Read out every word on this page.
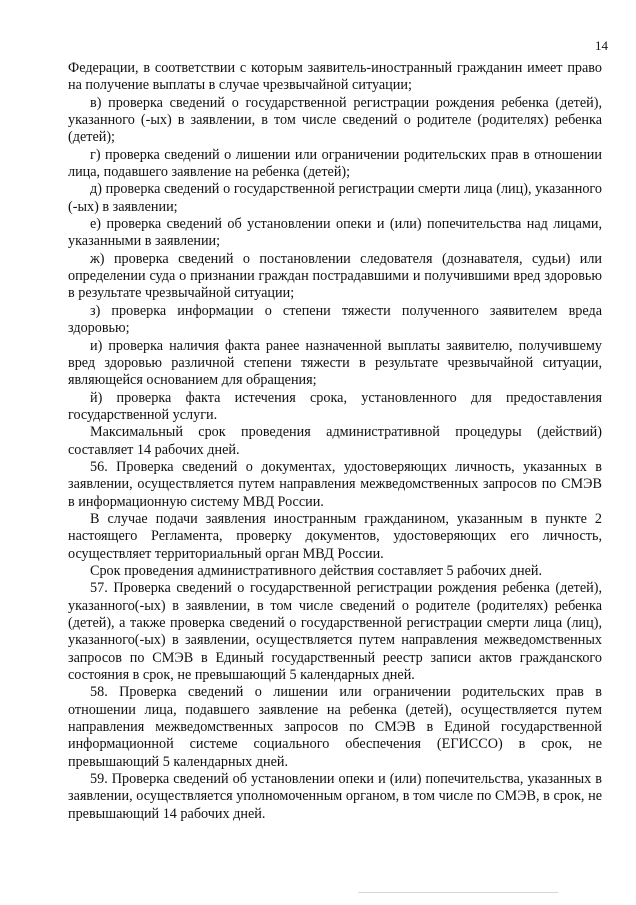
14

Федерации, в соответствии с которым заявитель-иностранный гражданин имеет право на получение выплаты в случае чрезвычайной ситуации;

в) проверка сведений о государственной регистрации рождения ребенка (детей), указанного (-ых) в заявлении, в том числе сведений о родителе (родителях) ребенка (детей);

г) проверка сведений о лишении или ограничении родительских прав в отношении лица, подавшего заявление на ребенка (детей);

д) проверка сведений о государственной регистрации смерти лица (лиц), указанного (-ых) в заявлении;

е) проверка сведений об установлении опеки и (или) попечительства над лицами, указанными в заявлении;

ж) проверка сведений о постановлении следователя (дознавателя, судьи) или определении суда о признании граждан пострадавшими и получившими вред здоровью в результате чрезвычайной ситуации;

з) проверка информации о степени тяжести полученного заявителем вреда здоровью;

и) проверка наличия факта ранее назначенной выплаты заявителю, получившему вред здоровью различной степени тяжести в результате чрезвычайной ситуации, являющейся основанием для обращения;

й) проверка факта истечения срока, установленного для предоставления государственной услуги.

Максимальный срок проведения административной процедуры (действий) составляет 14 рабочих дней.

56. Проверка сведений о документах, удостоверяющих личность, указанных в заявлении, осуществляется путем направления межведомственных запросов по СМЭВ в информационную систему МВД России.

В случае подачи заявления иностранным гражданином, указанным в пункте 2 настоящего Регламента, проверку документов, удостоверяющих его личность, осуществляет территориальный орган МВД России.

Срок проведения административного действия составляет 5 рабочих дней.

57. Проверка сведений о государственной регистрации рождения ребенка (детей), указанного(-ых) в заявлении, в том числе сведений о родителе (родителях) ребенка (детей), а также проверка сведений о государственной регистрации смерти лица (лиц), указанного(-ых) в заявлении, осуществляется путем направления межведомственных запросов по СМЭВ в Единый государственный реестр записи актов гражданского состояния в срок, не превышающий 5 календарных дней.

58. Проверка сведений о лишении или ограничении родительских прав в отношении лица, подавшего заявление на ребенка (детей), осуществляется путем направления межведомственных запросов по СМЭВ в Единой государственной информационной системе социального обеспечения (ЕГИССО) в срок, не превышающий 5 календарных дней.

59. Проверка сведений об установлении опеки и (или) попечительства, указанных в заявлении, осуществляется уполномоченным органом, в том числе по СМЭВ, в срок, не превышающий 14 рабочих дней.
